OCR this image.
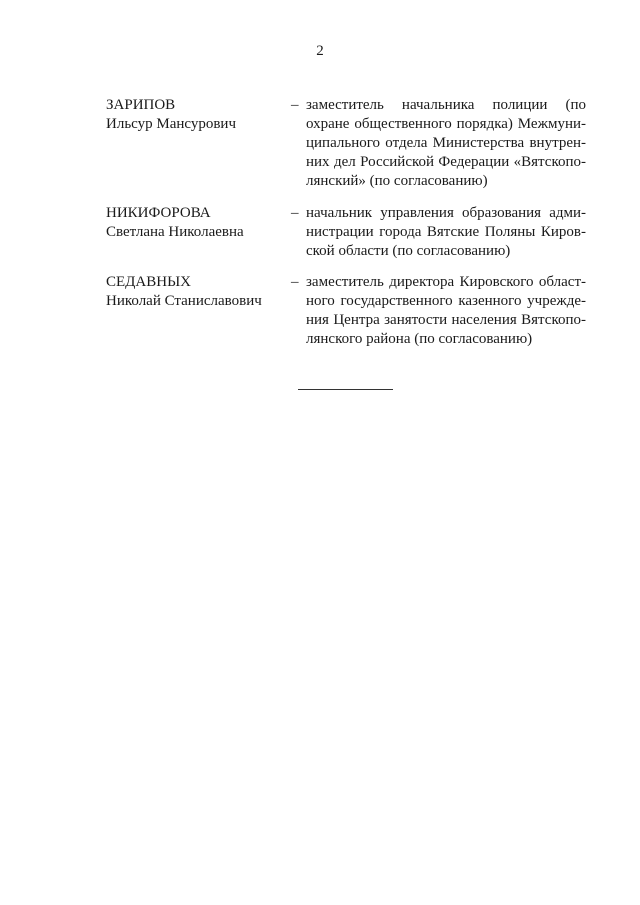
2
ЗАРИПОВ
Ильсур Мансурович
– заместитель начальника полиции (по
охране общественного порядка) Межмуни-
ципального отдела Министерства внутрен-
них дел Российской Федерации «Вятскопо-
лянский» (по согласованию)
НИКИФОРОВА
Светлана Николаевна
– начальник управления образования адми-
нистрации города Вятские Поляны Киров-
ской области (по согласованию)
СЕДАВНЫХ
Николай Станиславович
– заместитель директора Кировского област-
ного государственного казенного учрежде-
ния Центра занятости населения Вятскопо-
лянского района (по согласованию)
